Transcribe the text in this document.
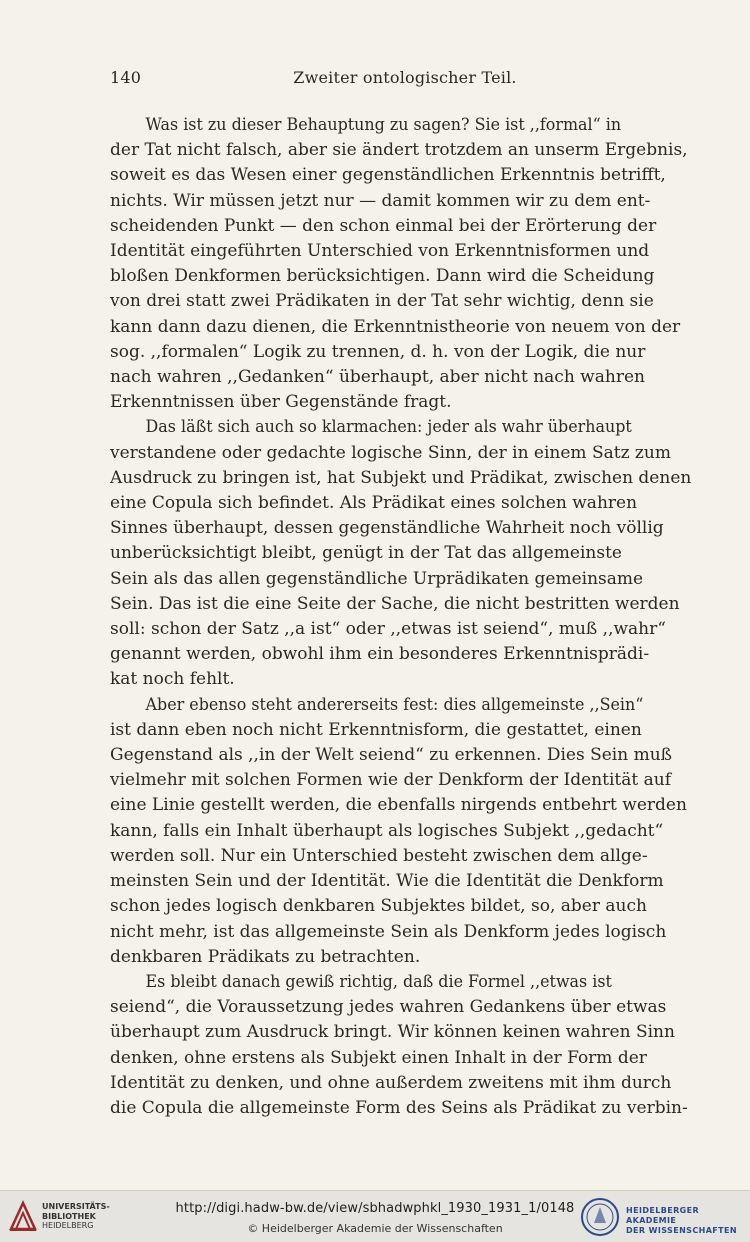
140	Zweiter ontologischer Teil.

Was ist zu dieser Behauptung zu sagen? Sie ist ,,formal“ in
der Tat nicht falsch, aber sie ändert trotzdem an unserm Ergebnis,
soweit es das Wesen einer gegenständlichen Erkenntnis betrifft,
nichts. Wir müssen jetzt nur — damit kommen wir zu dem ent-
scheidenden Punkt — den schon einmal bei der Erörterung der
Identität eingeführten Unterschied von Erkenntnisformen und
bloßen Denkformen berücksichtigen. Dann wird die Scheidung
von drei statt zwei Prädikaten in der Tat sehr wichtig, denn sie
kann dann dazu dienen, die Erkenntnistheorie von neuem von der
sog. ,,formalen“ Logik zu trennen, d. h. von der Logik, die nur
nach wahren ,,Gedanken“ überhaupt, aber nicht nach wahren
Erkenntnissen über Gegenstände fragt.

Das läßt sich auch so klarmachen: jeder als wahr überhaupt
verstandene oder gedachte logische Sinn, der in einem Satz zum
Ausdruck zu bringen ist, hat Subjekt und Prädikat, zwischen denen
eine Copula sich befindet. Als Prädikat eines solchen wahren
Sinnes überhaupt, dessen gegenständliche Wahrheit noch völlig
unberücksichtigt bleibt, genügt in der Tat das allgemeinste
Sein als das allen gegenständliche Urprädikaten gemeinsame
Sein. Das ist die eine Seite der Sache, die nicht bestritten werden
soll: schon der Satz ,,a ist“ oder ,,etwas ist seiend“, muß ,,wahr“
genannt werden, obwohl ihm ein besonderes Erkenntnisprädi-
kat noch fehlt.

Aber ebenso steht andererseits fest: dies allgemeinste ,,Sein“
ist dann eben noch nicht Erkenntnisform, die gestattet, einen
Gegenstand als ,,in der Welt seiend“ zu erkennen. Dies Sein muß
vielmehr mit solchen Formen wie der Denkform der Identität auf
eine Linie gestellt werden, die ebenfalls nirgends entbehrt werden
kann, falls ein Inhalt überhaupt als logisches Subjekt ,,gedacht“
werden soll. Nur ein Unterschied besteht zwischen dem allge-
meinsten Sein und der Identität. Wie die Identität die Denkform
schon jedes logisch denkbaren Subjektes bildet, so, aber auch
nicht mehr, ist das allgemeinste Sein als Denkform jedes logisch
denkbaren Prädikats zu betrachten.

Es bleibt danach gewiß richtig, daß die Formel ,,etwas ist
seiend“, die Voraussetzung jedes wahren Gedankens über etwas
überhaupt zum Ausdruck bringt. Wir können keinen wahren Sinn
denken, ohne erstens als Subjekt einen Inhalt in der Form der
Identität zu denken, und ohne außerdem zweitens mit ihm durch
die Copula die allgemeinste Form des Seins als Prädikat zu verbin-

UNIVERSITÄTS-
BIBLIOTHEK
HEIDELBERG
http://digi.hadw-bw.de/view/sbhadwphkl_1930_1931_1/0148
© Heidelberger Akademie der Wissenschaften
HEIDELBERGER AKADEMIE
DER WISSENSCHAFTEN
